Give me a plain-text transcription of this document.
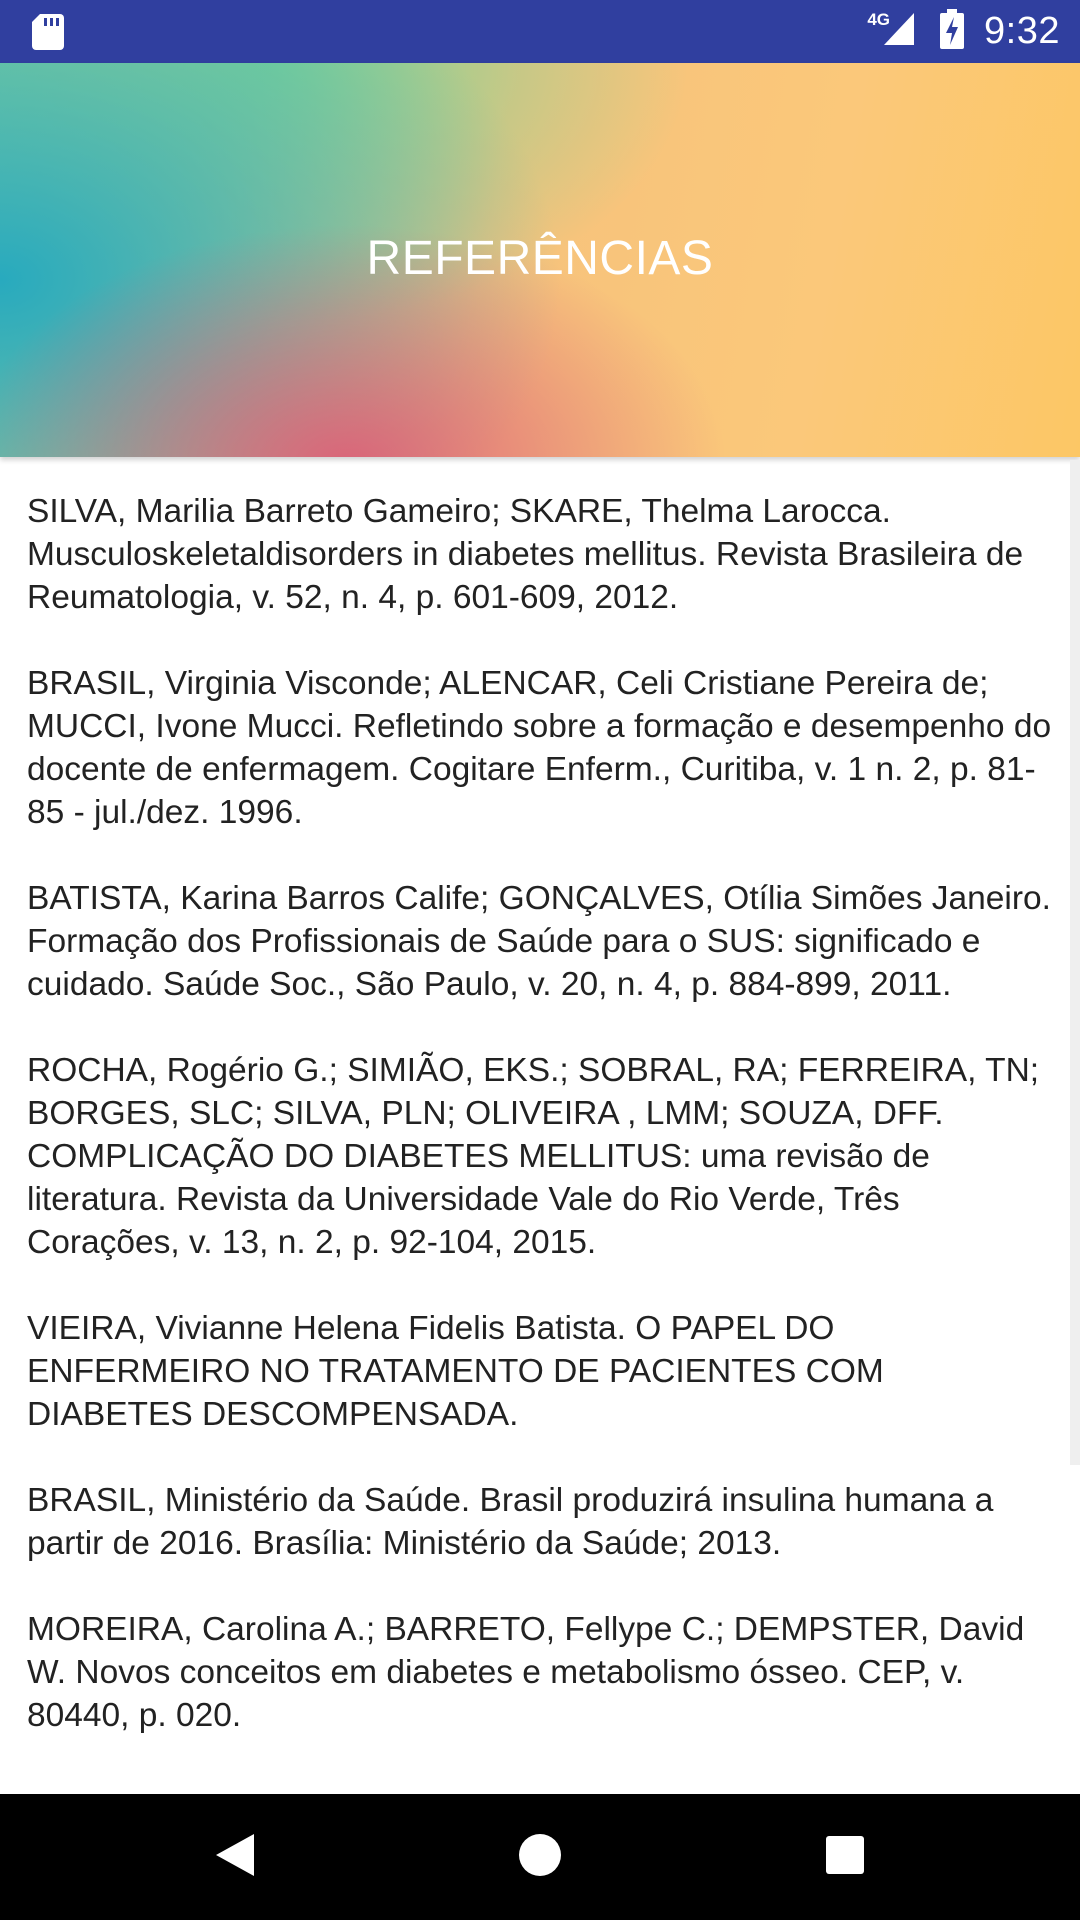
4G 9:32
REFERÊNCIAS

SILVA, Marilia Barreto Gameiro; SKARE, Thelma Larocca. Musculoskeletaldisorders in diabetes mellitus. Revista Brasileira de Reumatologia, v. 52, n. 4, p. 601-609, 2012.

BRASIL, Virginia Visconde; ALENCAR, Celi Cristiane Pereira de; MUCCI, Ivone Mucci. Refletindo sobre a formação e desempenho do docente de enfermagem. Cogitare Enferm., Curitiba, v. 1 n. 2, p. 81-85 - jul./dez. 1996.

BATISTA, Karina Barros Calife; GONÇALVES, Otília Simões Janeiro. Formação dos Profissionais de Saúde para o SUS: significado e cuidado. Saúde Soc., São Paulo, v. 20, n. 4, p. 884-899, 2011.

ROCHA, Rogério G.; SIMIÃO, EKS.; SOBRAL, RA; FERREIRA, TN; BORGES, SLC; SILVA, PLN; OLIVEIRA , LMM; SOUZA, DFF. COMPLICAÇÃO DO DIABETES MELLITUS: uma revisão de literatura. Revista da Universidade Vale do Rio Verde, Três Corações, v. 13, n. 2, p. 92-104, 2015.

VIEIRA, Vivianne Helena Fidelis Batista. O PAPEL DO ENFERMEIRO NO TRATAMENTO DE PACIENTES COM DIABETES DESCOMPENSADA.

BRASIL, Ministério da Saúde. Brasil produzirá insulina humana a partir de 2016. Brasília: Ministério da Saúde; 2013.

MOREIRA, Carolina A.; BARRETO, Fellype C.; DEMPSTER, David W. Novos conceitos em diabetes e metabolismo ósseo. CEP, v. 80440, p. 020.
